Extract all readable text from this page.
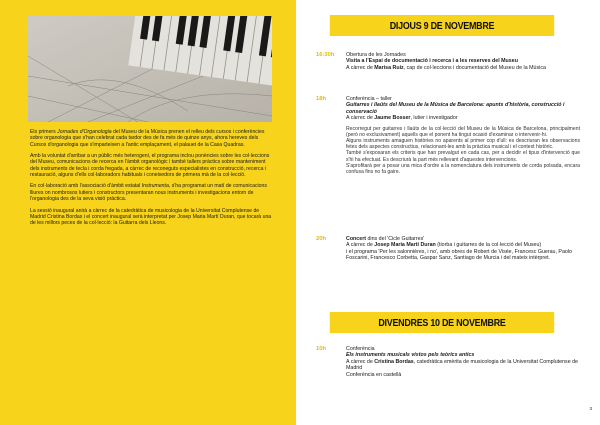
Els primers Jornades d'Organologia del Museu de la Música prenen el relleu dels cursos i conferències sobre organologia que s'han celebrat cada tardor des de fa més de quinze anys, ahora hereves dels Cursos d'organologia que s'imparteixen a l'antic emplaçament, el palauet de la Casa Quadras.

Amb la voluntat d'arribar a un públic més heterogeni, el programa inclou ponències sobre les col·leccions del Museu, comunicacions de recerca en l'àmbit organològic i també tallers pràctics sobre manteniment dels instruments de tecla i corda fregada, a càrrec de reconeguts especialistes en construcció, recerca i restauració, alguns d'ells col·laboradors habituals i coneixedors de primera mà de la col·lecció.

En col·laboració amb l'associació d'àmbit estatal Instrumenta, s'ha programat un matí de comunicacions lliures on nombrosos lutiers i constructors presentaran nous instruments i investigacions entorn de l'organologia des de la seva visió pràctica.

La sessió inaugural anirà a càrrec de la catedràtica de musicologia de la Universitat Complutense de Madrid Cristina Bordas i el concert inaugural serà interpretat per Josep Maria Martí Duran, que tocarà una de les millors peces de la col·lecció: la Guitarra dels Lleons.

DIJOUS 9 DE NOVEMBRE
16:30h Obertura de les Jornades
Visita a l'Espai de documentació i recerca i a les reserves del Museu
A càrrec de Marisa Ruiz, cap de col·leccions i documentació del Museu de la Música
18h	Conferència – taller
Guitarres i llaüts del Museu de la Música de Barcelona: apunts d'història, construcció i conservació
A càrrec de Jaume Bosser, lutier i investigador
Recorregut per guitarres i llaüts de la col·lecció del Museu de la Música de Barcelona, principalment (però no exclusivament) aquells que el ponent ha tingut ocasió d'examinar o intervenir-hi.
Alguns instruments amaguen històries no aparents al primer cop d'ull: es descriuran les observacions fetes dels aspectes constructius, relacionant-les amb la pràctica musical i el context històric.
També s'exposaran els criteris que han prevalgut en cada cas, per a decidir el tipus d'intervenció que s'hi ha efectuat. Es descriurà la part més rellevant d'aquestes intervencions.
S'aprofitarà per a posar una mica d'ordre a la nomenclatura dels instruments de corda polsada, encara confusa fins no fa gaire.
20h	Concert dins del 'Cicle Guitarres'
A càrrec de Josep Maria Martí Duran (tiorba i guitarres de la col·lecció del Museu)
i el programa 'Per les salonnières, i no', amb obres de Robert de Visée, Francesc Guerau, Paolo Foscarini, Francesco Corbetta, Gaspar Sanz, Santiago de Murcia i del mateix intèrpret.
DIVENDRES 10 DE NOVEMBRE
10h	Conferència
Els instruments musicals vistos pels teòrics antics
A càrrec de Cristina Bordas, catedràtica emèrita de musicologia de la Universitat Complutense de Madrid
Conferència en castellà
3
